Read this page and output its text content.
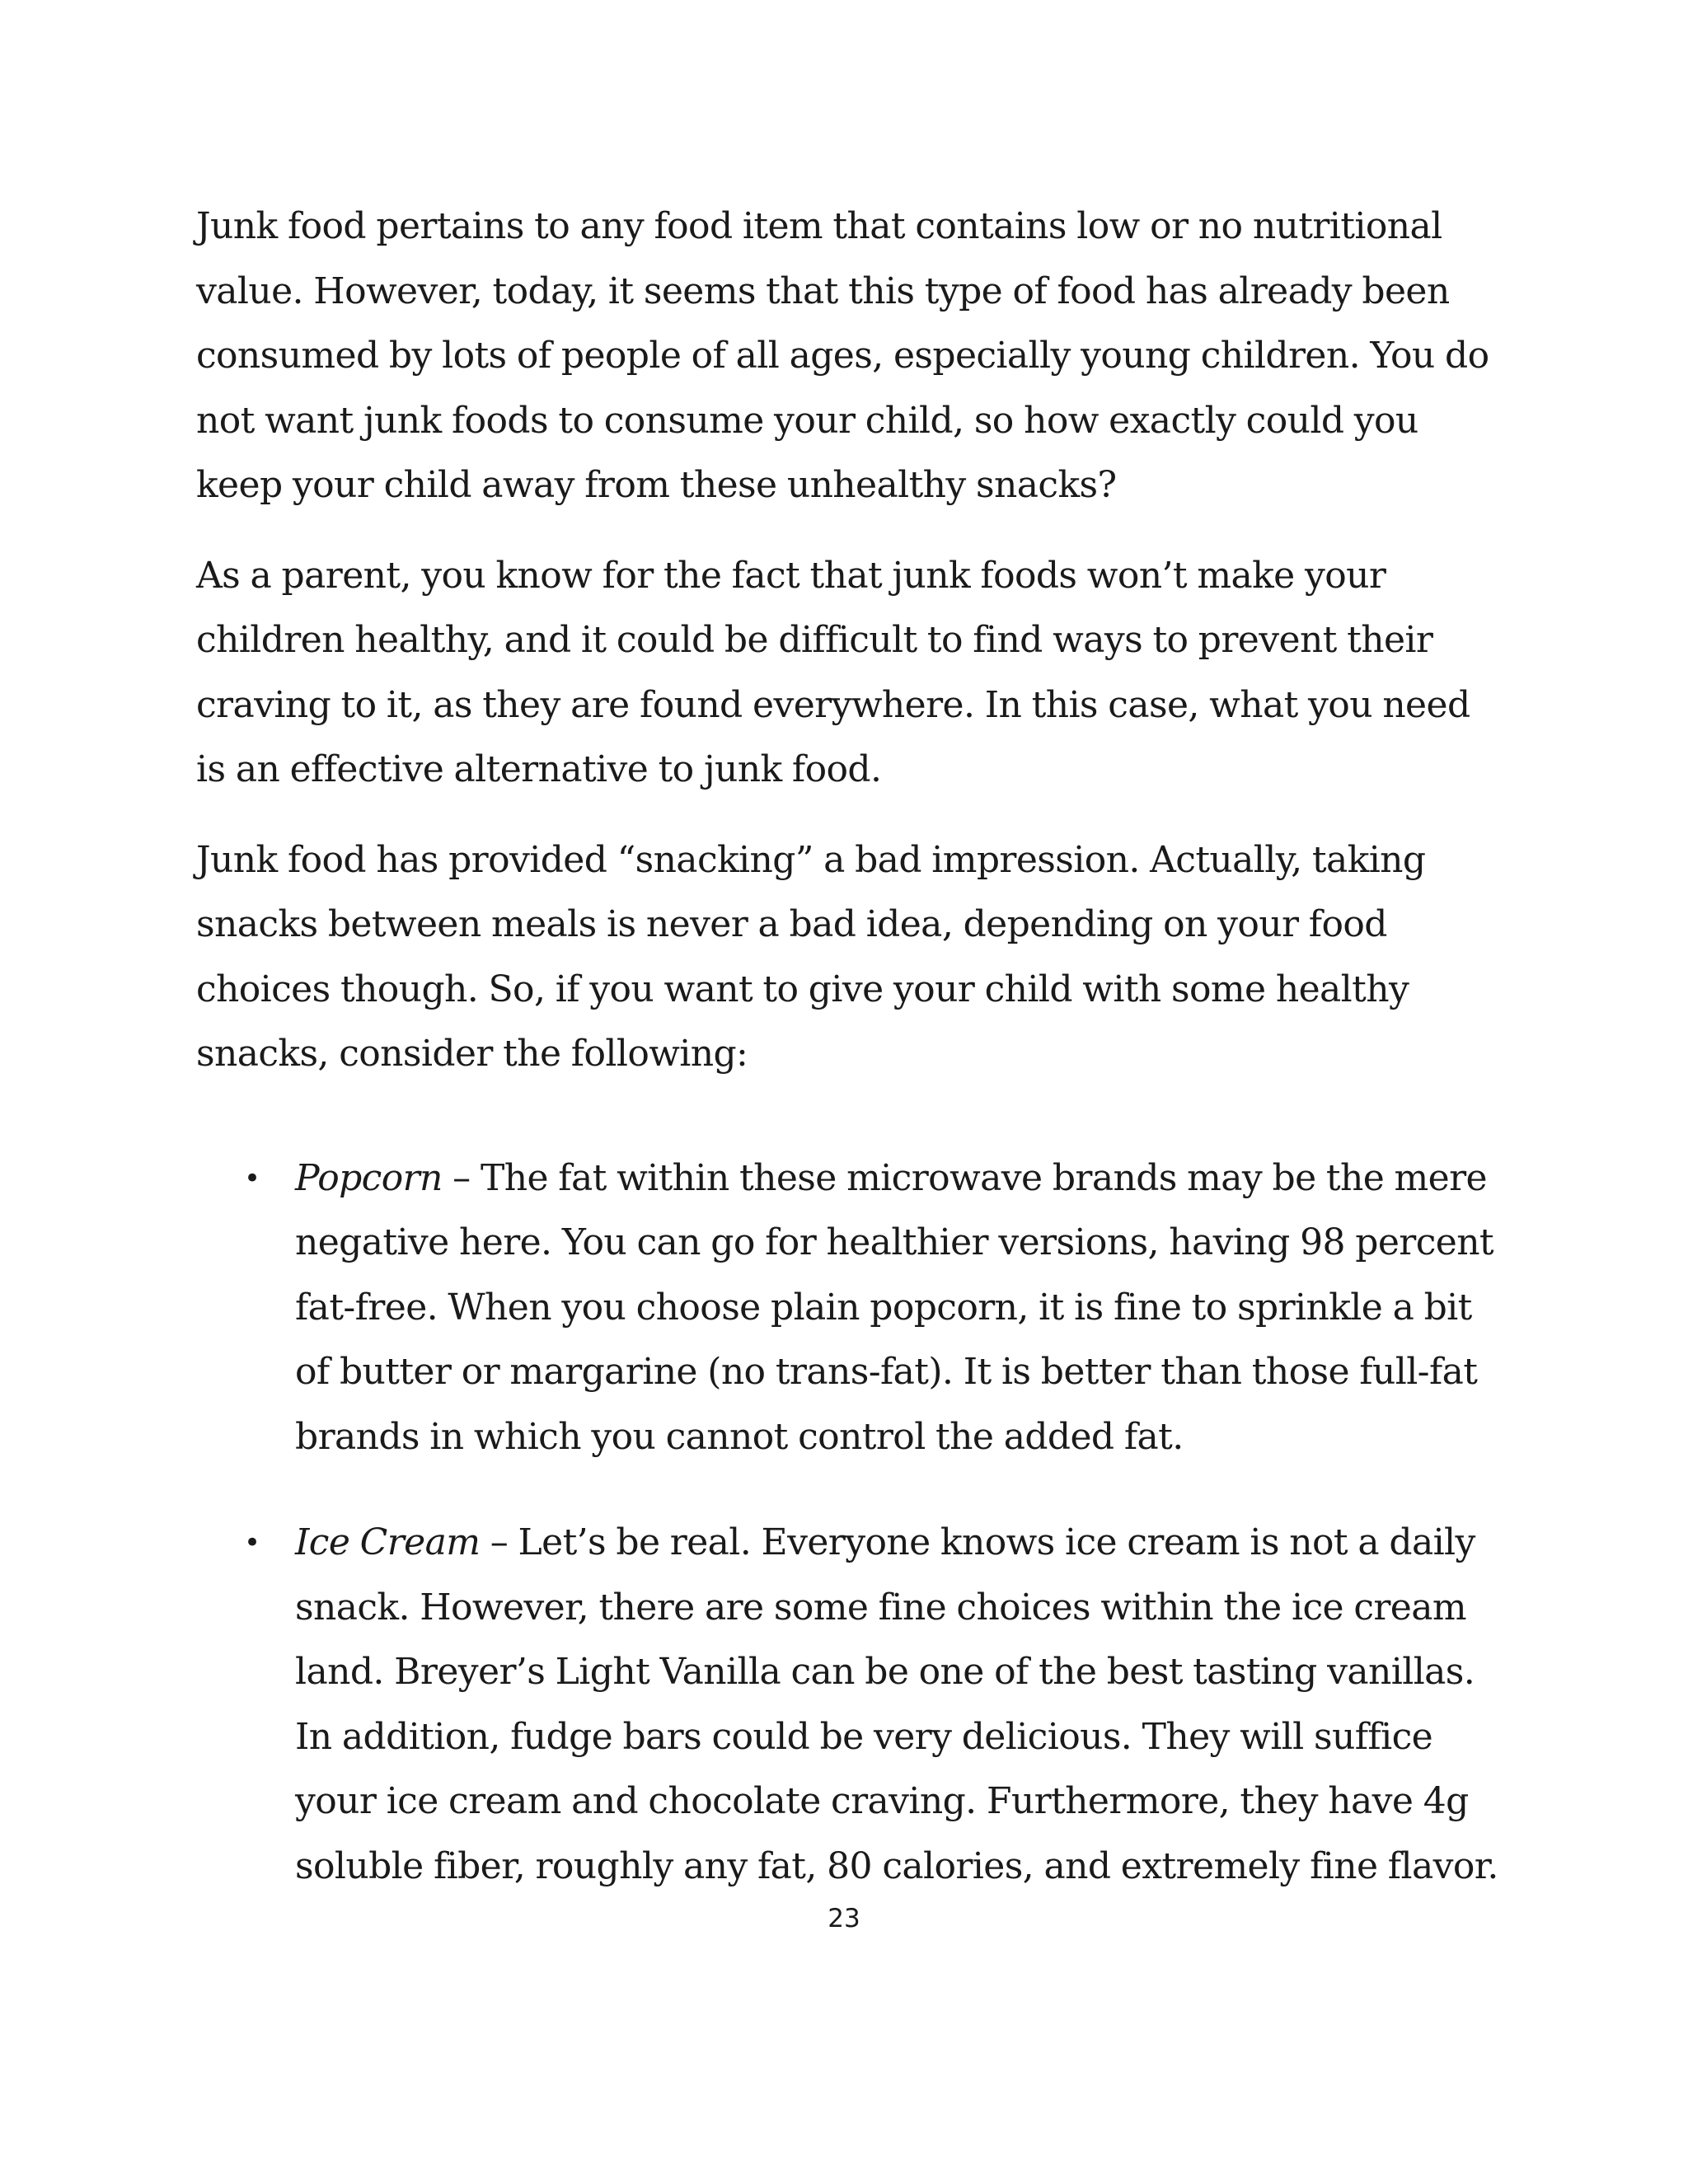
Junk food pertains to any food item that contains low or no nutritional value. However, today, it seems that this type of food has already been consumed by lots of people of all ages, especially young children. You do not want junk foods to consume your child, so how exactly could you keep your child away from these unhealthy snacks?

As a parent, you know for the fact that junk foods won’t make your children healthy, and it could be difficult to find ways to prevent their craving to it, as they are found everywhere. In this case, what you need is an effective alternative to junk food.

Junk food has provided “snacking” a bad impression. Actually, taking snacks between meals is never a bad idea, depending on your food choices though. So, if you want to give your child with some healthy snacks, consider the following:

• Popcorn – The fat within these microwave brands may be the mere negative here. You can go for healthier versions, having 98 percent fat-free. When you choose plain popcorn, it is fine to sprinkle a bit of butter or margarine (no trans-fat). It is better than those full-fat brands in which you cannot control the added fat.
• Ice Cream – Let’s be real. Everyone knows ice cream is not a daily snack. However, there are some fine choices within the ice cream land. Breyer’s Light Vanilla can be one of the best tasting vanillas. In addition, fudge bars could be very delicious. They will suffice your ice cream and chocolate craving. Furthermore, they have 4g soluble fiber, roughly any fat, 80 calories, and extremely fine flavor.
23
